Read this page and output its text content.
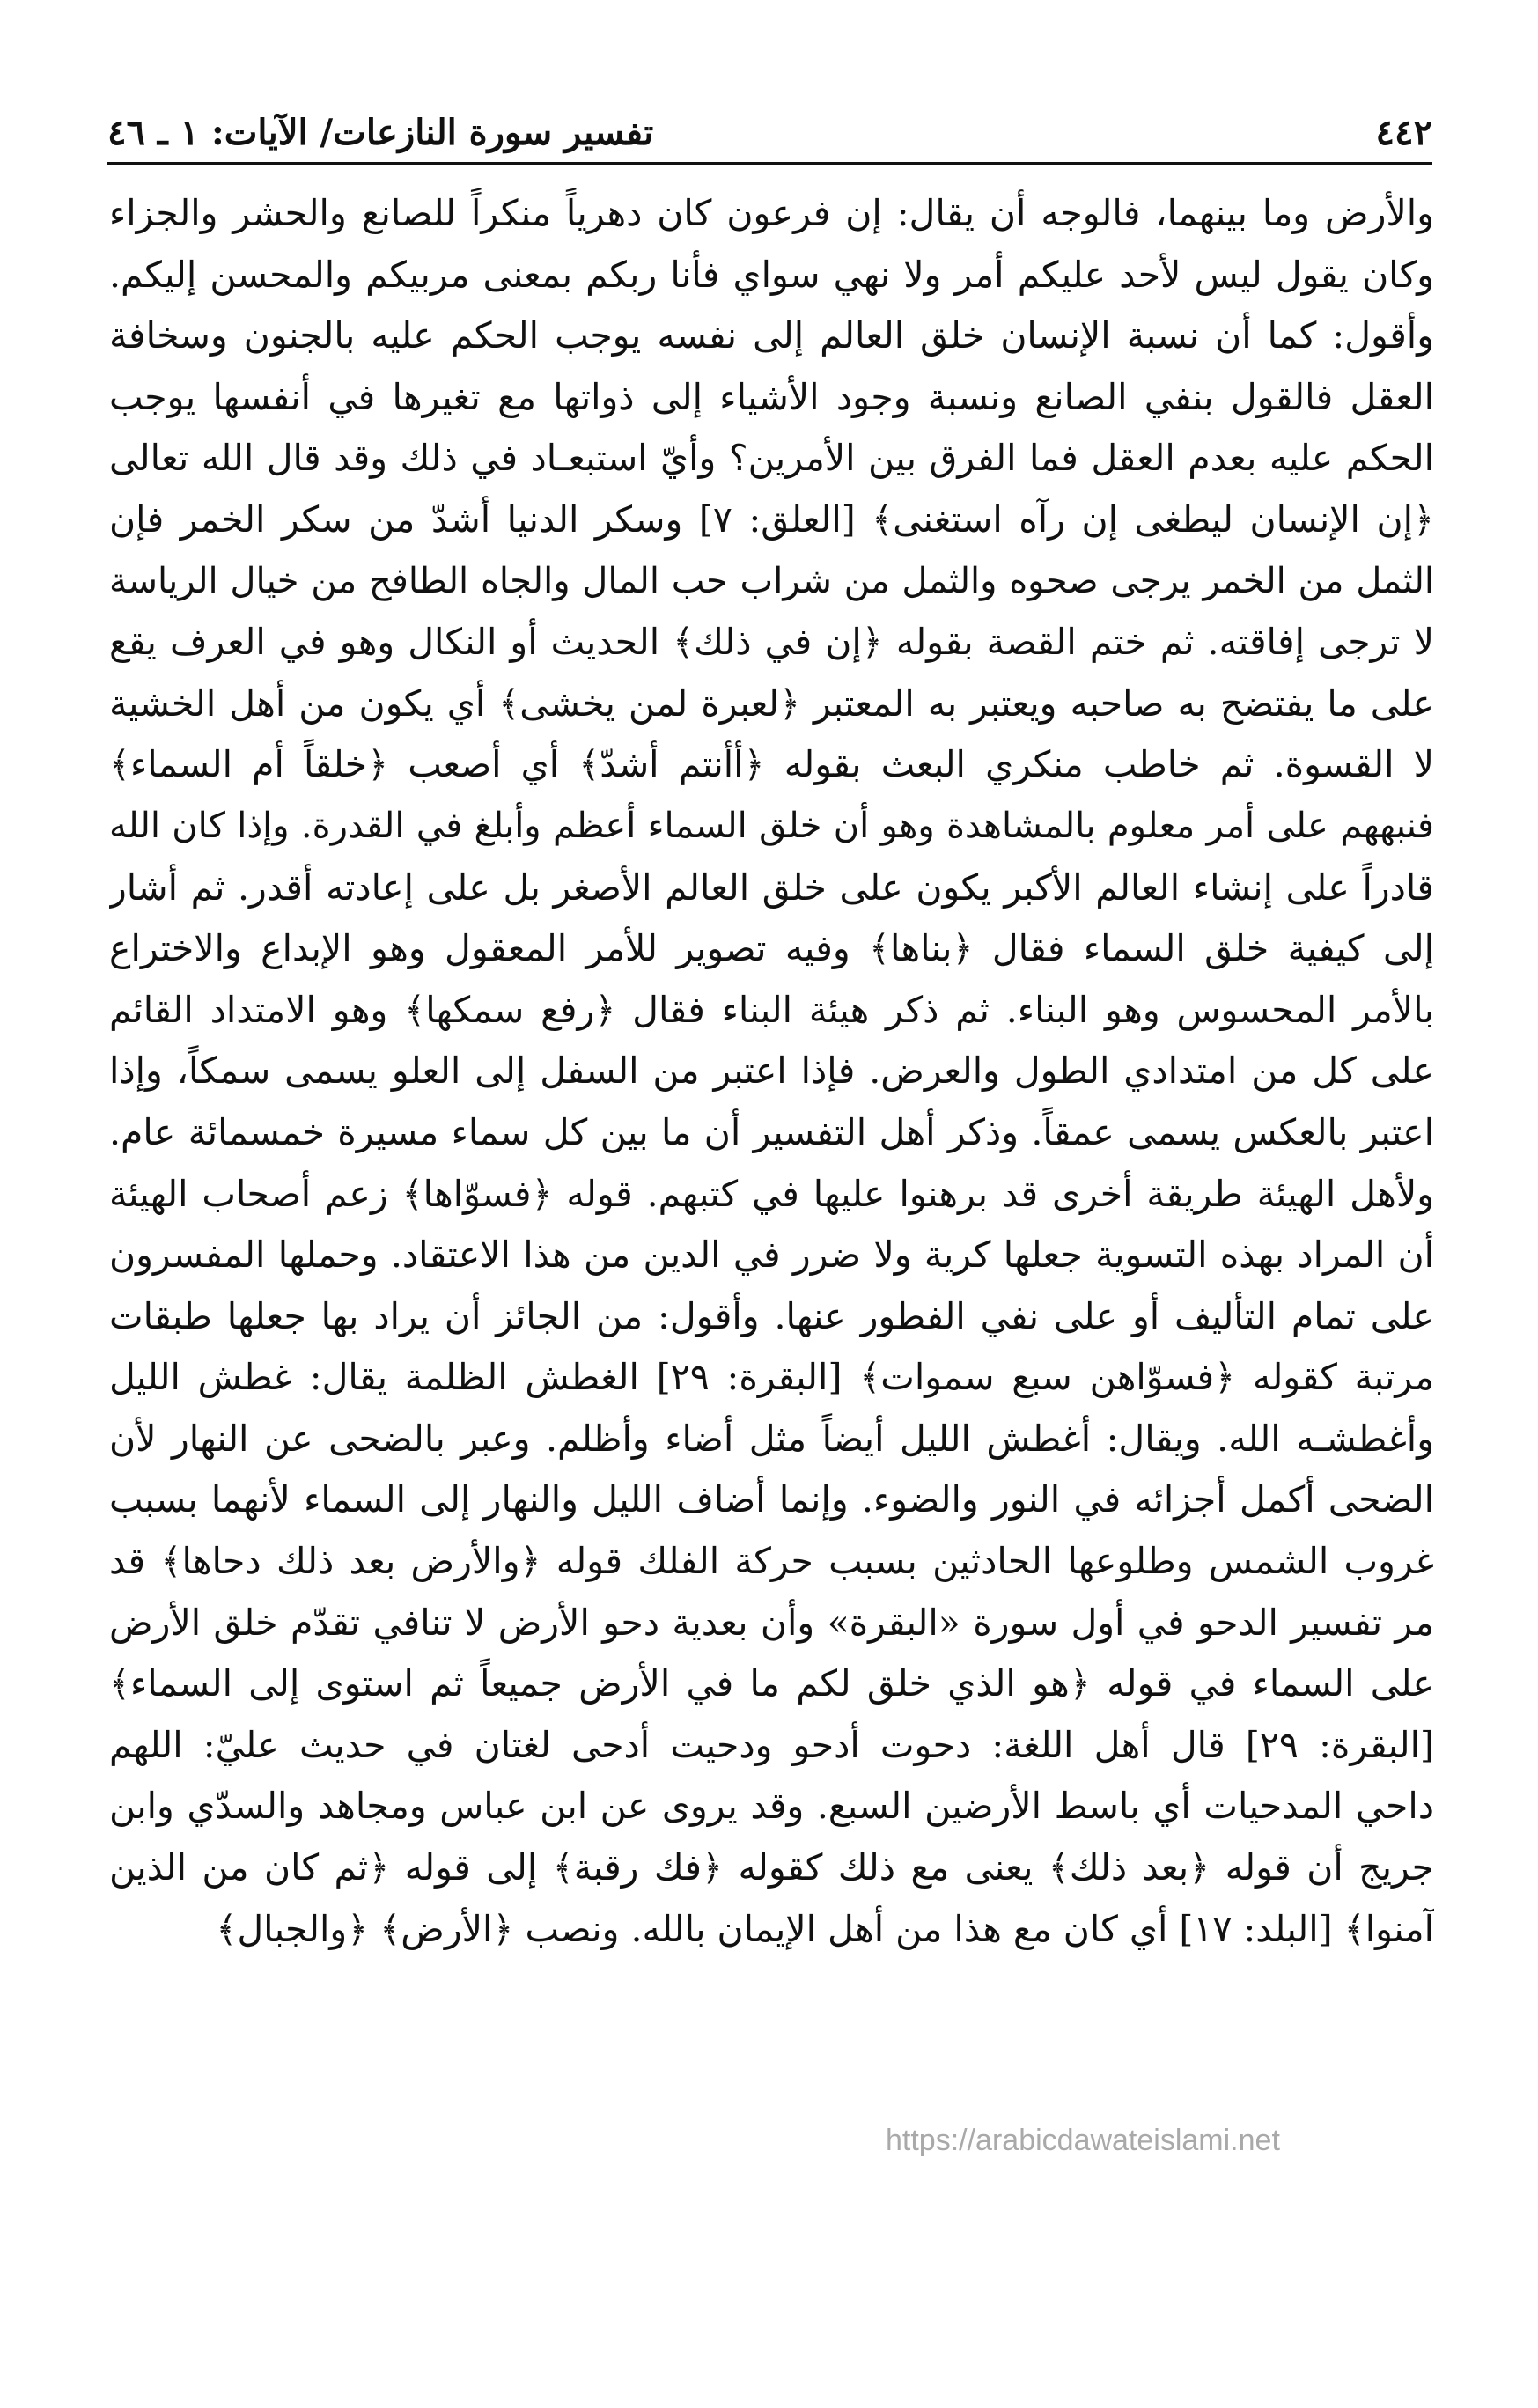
٤٤٢
تفسير سورة النازعات/ الآيات: ١ ـ ٤٦
والأرض وما بينهما، فالوجه أن يقال: إن فرعون كان دهرياً منكراً للصانع والحشر والجزاء
وكان يقول ليس لأحد عليكم أمر ولا نهي سواي فأنا ربكم بمعنى مربيكم والمحسن إليكم.
وأقول: كما أن نسبة الإنسان خلق العالم إلى نفسه يوجب الحكم عليه بالجنون وسخافة
العقل فالقول بنفي الصانع ونسبة وجود الأشياء إلى ذواتها مع تغيرها في أنفسها يوجب
الحكم عليه بعدم العقل فما الفرق بين الأمرين؟ وأيّ استبعـاد في ذلك وقد قال الله تعالى
﴿إن الإنسان ليطغى إن رآه استغنى﴾ [العلق: ٧] وسكر الدنيا أشدّ من سكر الخمر فإن
الثمل من الخمر يرجى صحوه والثمل من شراب حب المال والجاه الطافح من خيال الرياسة
لا ترجى إفاقته. ثم ختم القصة بقوله ﴿إن في ذلك﴾ الحديث أو النكال وهو في العرف يقع
على ما يفتضح به صاحبه ويعتبر به المعتبر ﴿لعبرة لمن يخشى﴾ أي يكون من أهل الخشية
لا القسوة. ثم خاطب منكري البعث بقوله ﴿أأنتم أشدّ﴾ أي أصعب ﴿خلقاً أم السماء﴾
فنبههم على أمر معلوم بالمشاهدة وهو أن خلق السماء أعظم وأبلغ في القدرة. وإذا كان الله
قادراً على إنشاء العالم الأكبر يكون على خلق العالم الأصغر بل على إعادته أقدر. ثم أشار
إلى كيفية خلق السماء فقال ﴿بناها﴾ وفيه تصوير للأمر المعقول وهو الإبداع والاختراع
بالأمر المحسوس وهو البناء. ثم ذكر هيئة البناء فقال ﴿رفع سمكها﴾ وهو الامتداد القائم
على كل من امتدادي الطول والعرض. فإذا اعتبر من السفل إلى العلو يسمى سمكاً، وإذا
اعتبر بالعكس يسمى عمقاً. وذكر أهل التفسير أن ما بين كل سماء مسيرة خمسمائة عام.
ولأهل الهيئة طريقة أخرى قد برهنوا عليها في كتبهم. قوله ﴿فسوّاها﴾ زعم أصحاب الهيئة
أن المراد بهذه التسوية جعلها كرية ولا ضرر في الدين من هذا الاعتقاد. وحملها المفسرون
على تمام التأليف أو على نفي الفطور عنها. وأقول: من الجائز أن يراد بها جعلها طبقات
مرتبة كقوله ﴿فسوّاهن سبع سموات﴾ [البقرة: ٢٩] الغطش الظلمة يقال: غطش الليل
وأغطشـه الله. ويقال: أغطش الليل أيضاً مثل أضاء وأظلم. وعبر بالضحى عن النهار لأن
الضحى أكمل أجزائه في النور والضوء. وإنما أضاف الليل والنهار إلى السماء لأنهما بسبب
غروب الشمس وطلوعها الحادثين بسبب حركة الفلك قوله ﴿والأرض بعد ذلك دحاها﴾ قد
مر تفسير الدحو في أول سورة «البقرة» وأن بعدية دحو الأرض لا تنافي تقدّم خلق الأرض
على السماء في قوله ﴿هو الذي خلق لكم ما في الأرض جميعاً ثم استوى إلى السماء﴾
[البقرة: ٢٩] قال أهل اللغة: دحوت أدحو ودحيت أدحى لغتان في حديث عليّ: اللهم
داحي المدحيات أي باسط الأرضين السبع. وقد يروى عن ابن عباس ومجاهد والسدّي وابن
جريج أن قوله ﴿بعد ذلك﴾ يعنى مع ذلك كقوله ﴿فك رقبة﴾ إلى قوله ﴿ثم كان من الذين
آمنوا﴾ [البلد: ١٧] أي كان مع هذا من أهل الإيمان بالله. ونصب ﴿الأرض﴾ ﴿والجبال﴾
https://arabicdawateislami.net
